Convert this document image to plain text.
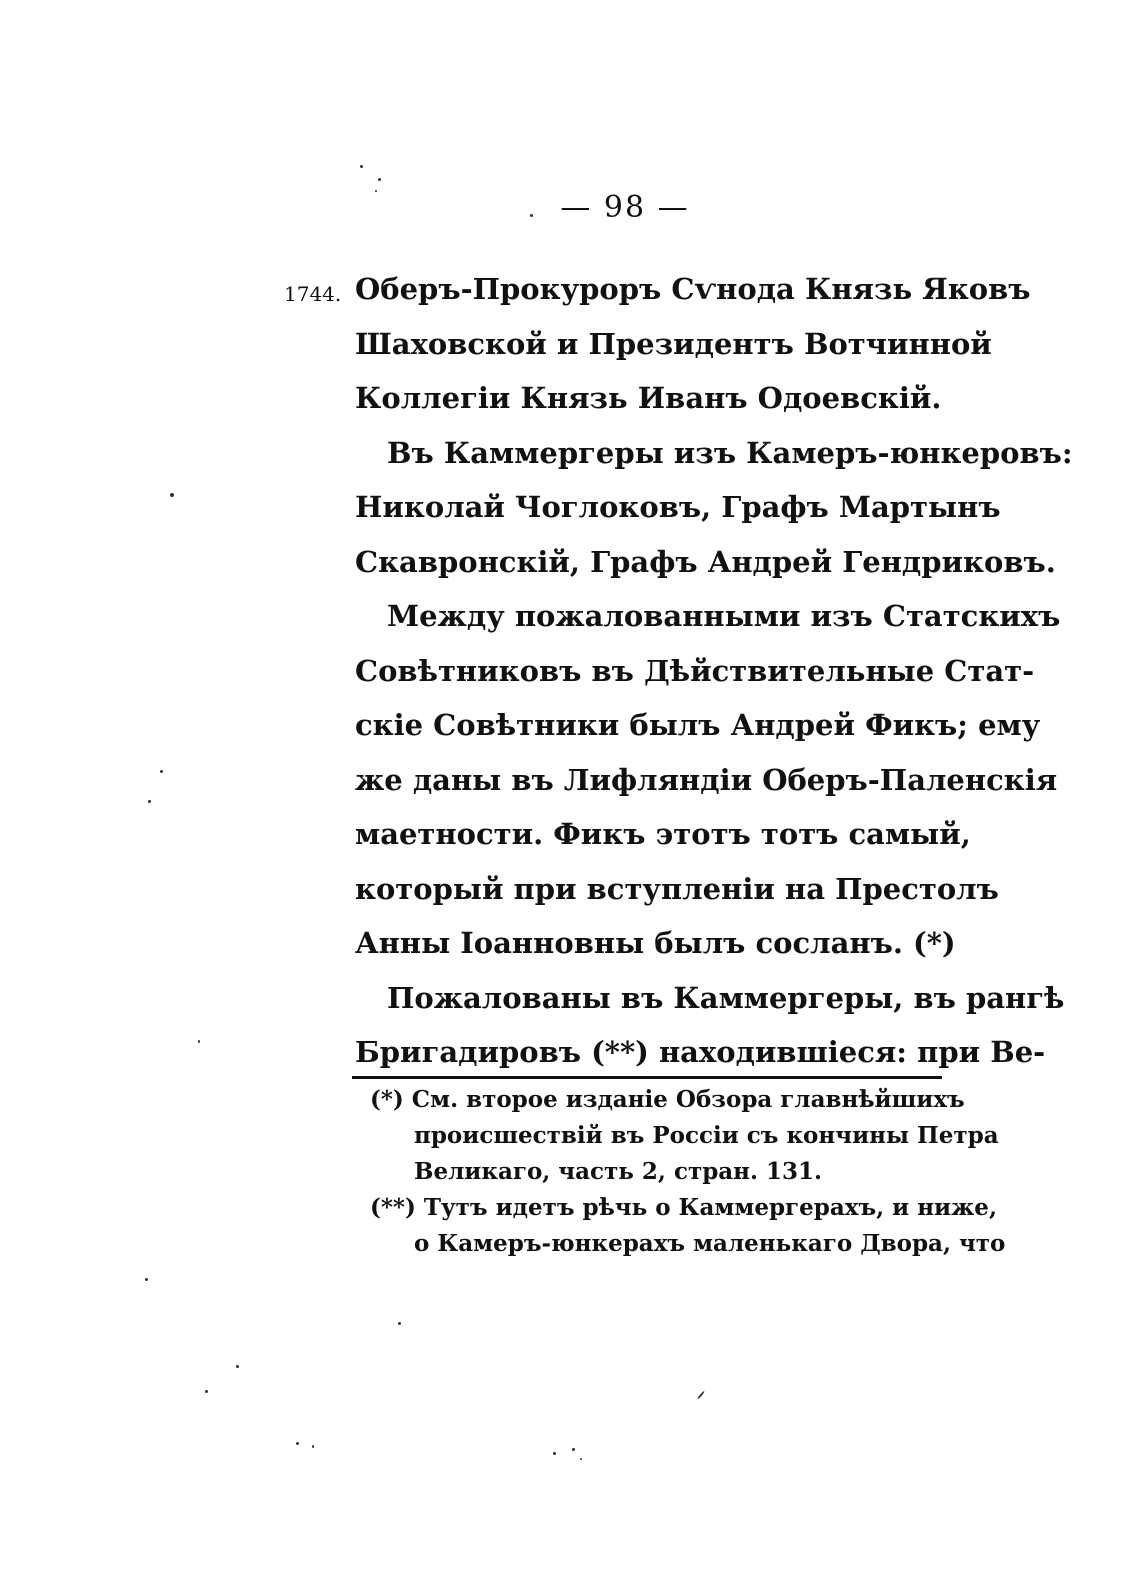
— 98 —
1744. Оберъ-Прокуроръ Сѵнода Князь Яковъ
Шаховской и Президентъ Вотчинной
Коллегіи Князь Иванъ Одоевскій.
Въ Каммергеры изъ Камеръ-юнкеровъ:
Николай Чоглоковъ, Графъ Мартынъ
Скавронскій, Графъ Андрей Гендриковъ.
Между пожалованными изъ Статскихъ
Совѣтниковъ въ Дѣйствительные Стат-
скіе Совѣтники былъ Андрей Фикъ; ему
же даны въ Лифляндіи Оберъ-Паленскія
маетности. Фикъ этотъ тотъ самый,
который при вступленіи на Престолъ
Анны Іоанновны былъ сосланъ. (*)
Пожалованы въ Каммергеры, въ рангѣ
Бригадировъ (**) находившіеся: при Ве-
(*) См. второе изданіе Обзора главнѣйшихъ
происшествій въ Россіи съ кончины Петра
Великаго, часть 2, стран. 131.
(**) Тутъ идетъ рѣчь о Каммергерахъ, и ниже,
о Камеръ-юнкерахъ маленькаго Двора, что
